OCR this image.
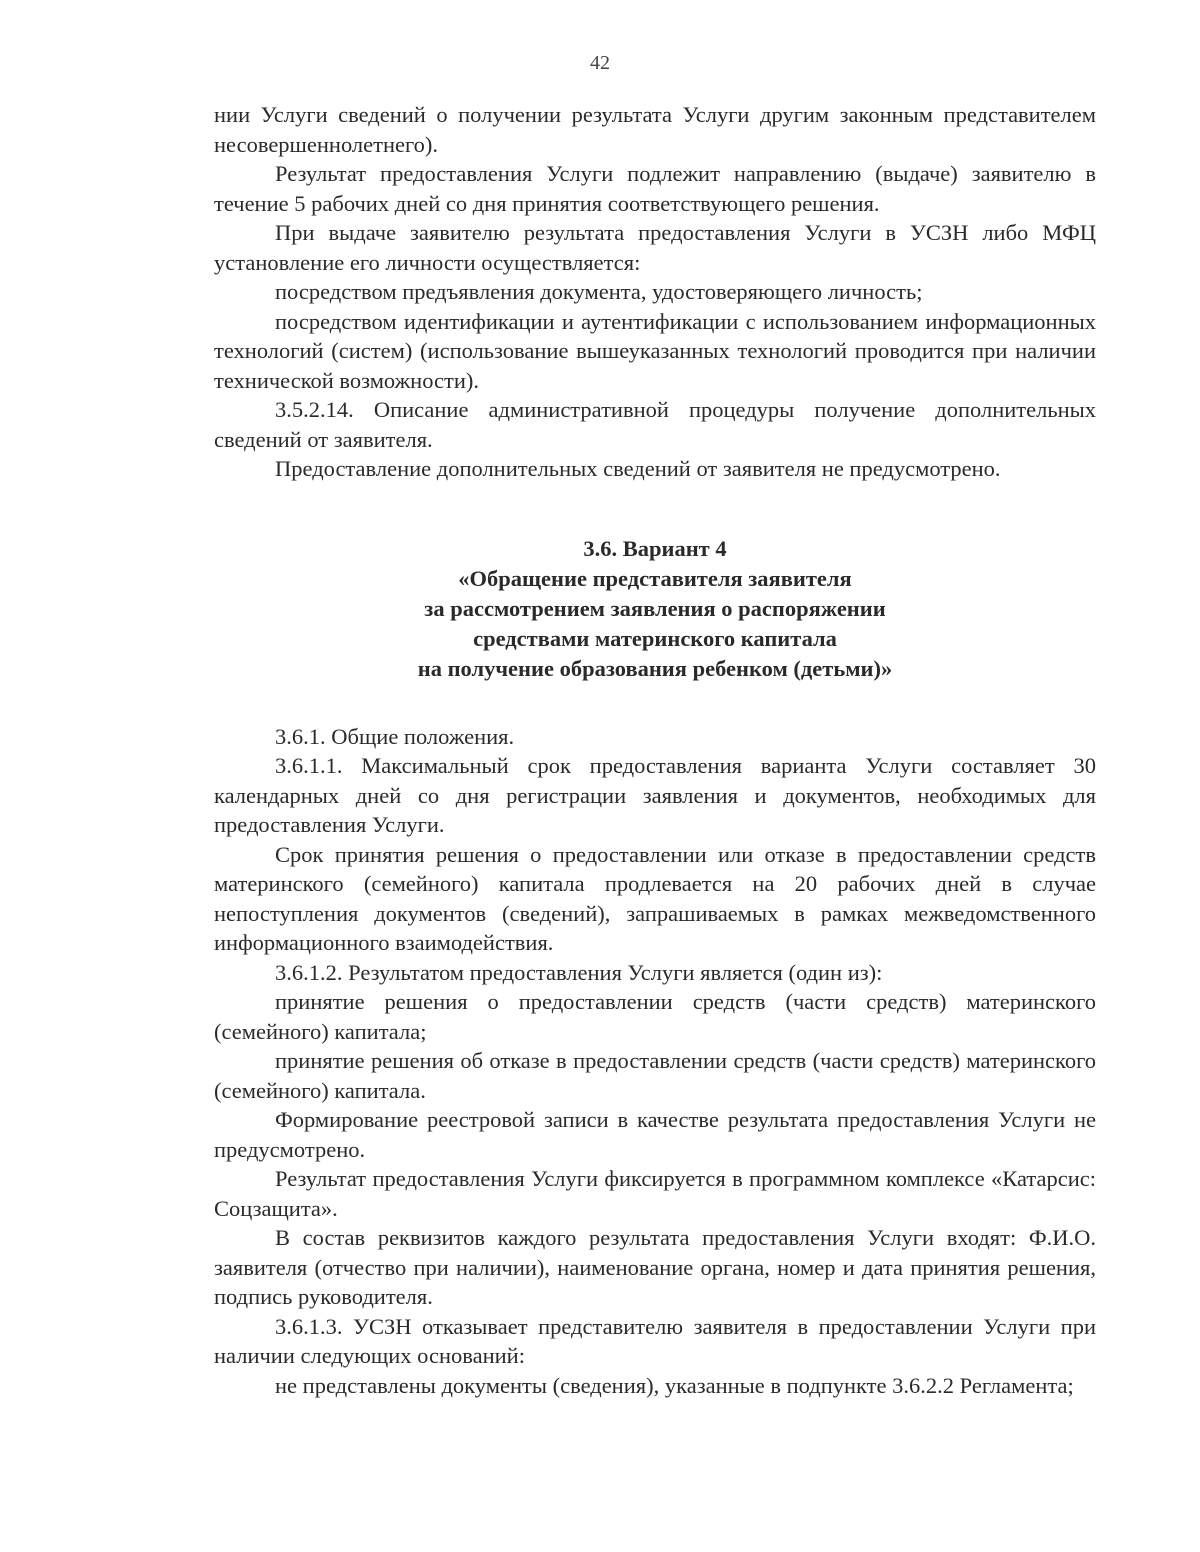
42

нии Услуги сведений о получении результата Услуги другим законным представителем несовершеннолетнего).

Результат предоставления Услуги подлежит направлению (выдаче) заявителю в течение 5 рабочих дней со дня принятия соответствующего решения.

При выдаче заявителю результата предоставления Услуги в УСЗН либо МФЦ установление его личности осуществляется:

посредством предъявления документа, удостоверяющего личность;

посредством идентификации и аутентификации с использованием информационных технологий (систем) (использование вышеуказанных технологий проводится при наличии технической возможности).

3.5.2.14. Описание административной процедуры получение дополнительных сведений от заявителя.

Предоставление дополнительных сведений от заявителя не предусмотрено.

3.6. Вариант 4
«Обращение представителя заявителя
за рассмотрением заявления о распоряжении
средствами материнского капитала
на получение образования ребенком (детьми)»

3.6.1. Общие положения.

3.6.1.1. Максимальный срок предоставления варианта Услуги составляет 30 календарных дней со дня регистрации заявления и документов, необходимых для предоставления Услуги.

Срок принятия решения о предоставлении или отказе в предоставлении средств материнского (семейного) капитала продлевается на 20 рабочих дней в случае непоступления документов (сведений), запрашиваемых в рамках межведомственного информационного взаимодействия.

3.6.1.2. Результатом предоставления Услуги является (один из):

принятие решения о предоставлении средств (части средств) материнского (семейного) капитала;

принятие решения об отказе в предоставлении средств (части средств) материнского (семейного) капитала.

Формирование реестровой записи в качестве результата предоставления Услуги не предусмотрено.

Результат предоставления Услуги фиксируется в программном комплексе «Катарсис: Соцзащита».

В состав реквизитов каждого результата предоставления Услуги входят: Ф.И.О. заявителя (отчество при наличии), наименование органа, номер и дата принятия решения, подпись руководителя.

3.6.1.3. УСЗН отказывает представителю заявителя в предоставлении Услуги при наличии следующих оснований:

не представлены документы (сведения), указанные в подпункте 3.6.2.2 Регламента;
